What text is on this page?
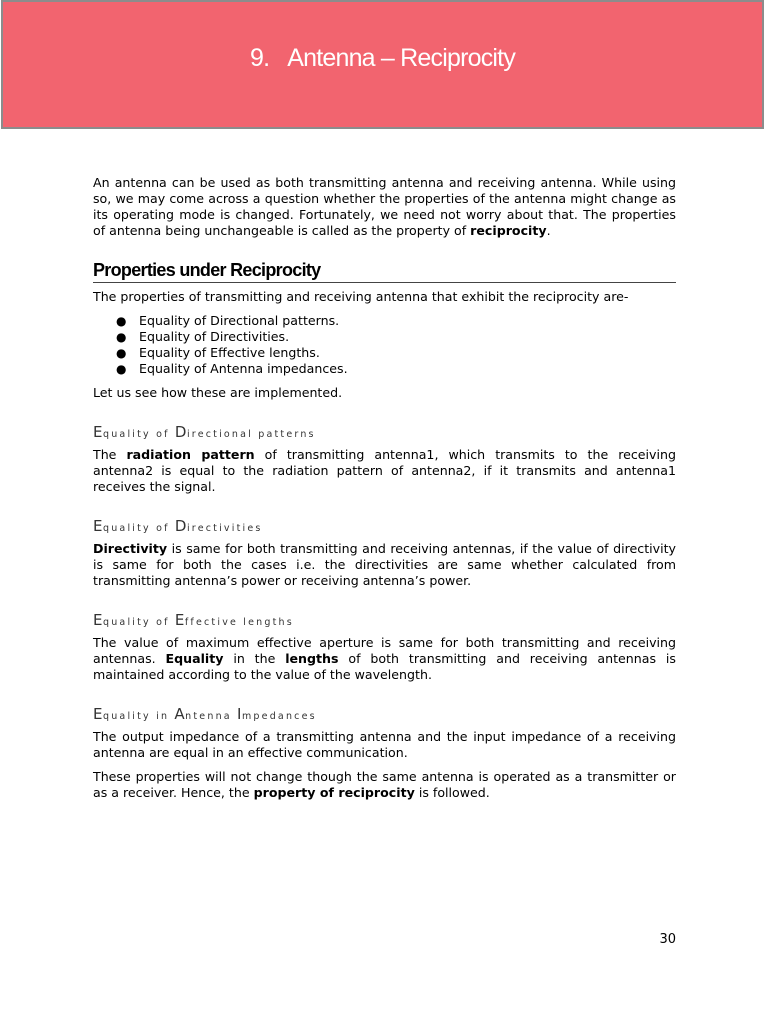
9. Antenna – Reciprocity

An antenna can be used as both transmitting antenna and receiving antenna. While using so, we may come across a question whether the properties of the antenna might change as its operating mode is changed. Fortunately, we need not worry about that. The properties of antenna being unchangeable is called as the property of reciprocity.

Properties under Reciprocity

The properties of transmitting and receiving antenna that exhibit the reciprocity are-

● Equality of Directional patterns.
● Equality of Directivities.
● Equality of Effective lengths.
● Equality of Antenna impedances.

Let us see how these are implemented.

Equality of Directional patterns

The radiation pattern of transmitting antenna1, which transmits to the receiving antenna2 is equal to the radiation pattern of antenna2, if it transmits and antenna1 receives the signal.

Equality of Directivities

Directivity is same for both transmitting and receiving antennas, if the value of directivity is same for both the cases i.e. the directivities are same whether calculated from transmitting antenna’s power or receiving antenna’s power.

Equality of Effective lengths

The value of maximum effective aperture is same for both transmitting and receiving antennas. Equality in the lengths of both transmitting and receiving antennas is maintained according to the value of the wavelength.

Equality in Antenna Impedances

The output impedance of a transmitting antenna and the input impedance of a receiving antenna are equal in an effective communication.

These properties will not change though the same antenna is operated as a transmitter or as a receiver. Hence, the property of reciprocity is followed.

30
